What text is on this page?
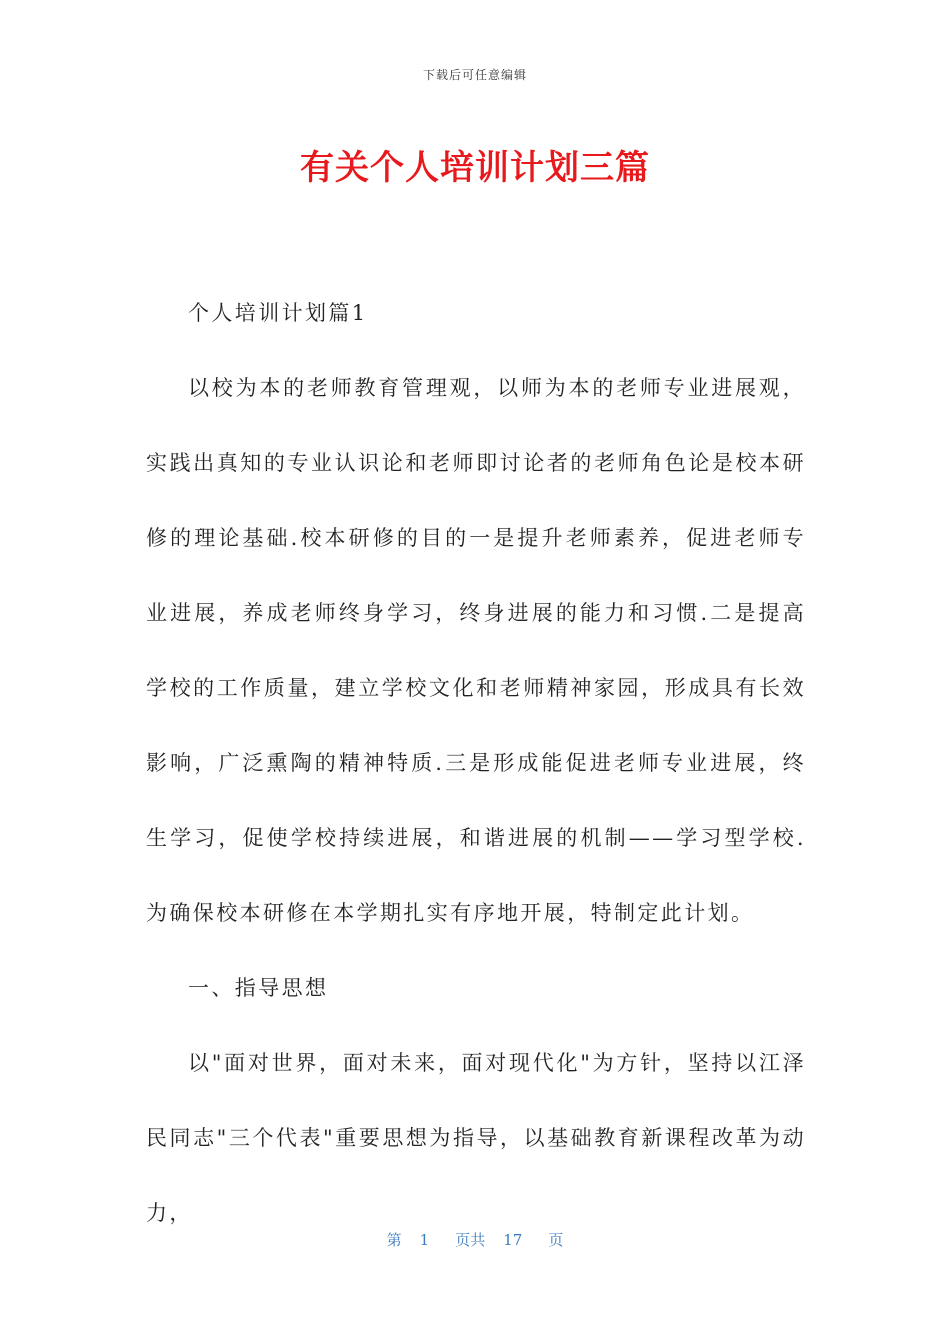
下载后可任意编辑
有关个人培训计划三篇

个人培训计划篇1

以校为本的老师教育管理观，以师为本的老师专业进展观，实践出真知的专业认识论和老师即讨论者的老师角色论是校本研修的理论基础.校本研修的目的一是提升老师素养，促进老师专业进展，养成老师终身学习，终身进展的能力和习惯.二是提高学校的工作质量，建立学校文化和老师精神家园，形成具有长效影响，广泛熏陶的精神特质.三是形成能促进老师专业进展，终生学习，促使学校持续进展，和谐进展的机制——学习型学校.为确保校本研修在本学期扎实有序地开展，特制定此计划。

一、指导思想

以"面对世界，面对未来，面对现代化"为方针，坚持以江泽民同志"三个代表"重要思想为指导，以基础教育新课程改革为动力，

第 1 页共 17 页
